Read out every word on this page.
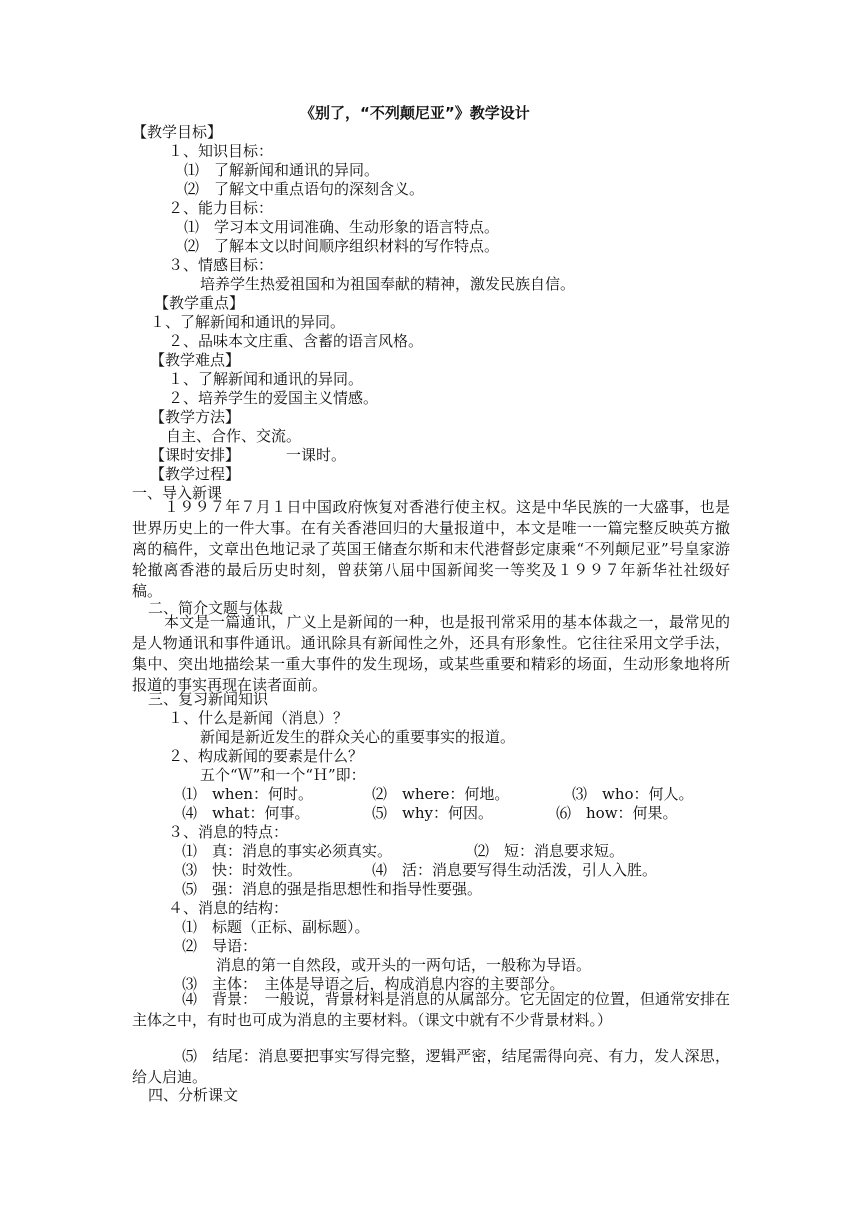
《别了，“不列颠尼亚”》教学设计
【教学目标】
１、知识目标：
⑴　了解新闻和通讯的异同。
⑵　了解文中重点语句的深刻含义。
２、能力目标：
⑴　学习本文用词准确、生动形象的语言特点。
⑵　了解本文以时间顺序组织材料的写作特点。
３、情感目标：
培养学生热爱祖国和为祖国奉献的精神，激发民族自信。
【教学重点】
１、了解新闻和通讯的异同。
２、品味本文庄重、含蓄的语言风格。
【教学难点】
１、了解新闻和通讯的异同。
２、培养学生的爱国主义情感。
【教学方法】
自主、合作、交流。
【课时安排】	一课时。
【教学过程】
一、导入新课
１９９７年７月１日中国政府恢复对香港行使主权。这是中华民族的一大盛事，也是世界历史上的一件大事。在有关香港回归的大量报道中，本文是唯一一篇完整反映英方撤离的稿件，文章出色地记录了英国王储查尔斯和末代港督彭定康乘“不列颠尼亚”号皇家游轮撤离香港的最后历史时刻，曾获第八届中国新闻奖一等奖及１９９７年新华社社级好稿。
二、简介文题与体裁
本文是一篇通讯，广义上是新闻的一种，也是报刊常采用的基本体裁之一，最常见的是人物通讯和事件通讯。通讯除具有新闻性之外，还具有形象性。它往往采用文学手法，集中、突出地描绘某一重大事件的发生现场，或某些重要和精彩的场面，生动形象地将所报道的事实再现在读者面前。
三、复习新闻知识
１、什么是新闻（消息）？
新闻是新近发生的群众关心的重要事实的报道。
２、构成新闻的要素是什么？
五个“Ｗ”和一个“Ｈ”即：
⑴　when：何时。	⑵　where：何地。	⑶　who：何人。
⑷　what：何事。	⑸　why：何因。	⑹　how：何果。
３、消息的特点：
⑴　真：消息的事实必须真实。	⑵　短：消息要求短。
⑶　快：时效性。	⑷　活：消息要写得生动活泼，引人入胜。
⑸　强：消息的强是指思想性和指导性要强。
４、消息的结构：
⑴　标题（正标、副标题）。
⑵　导语：
消息的第一自然段，或开头的一两句话，一般称为导语。
⑶　主体：　主体是导语之后，构成消息内容的主要部分。
⑷　背景：　一般说，背景材料是消息的从属部分。它无固定的位置，但通常安排在主体之中，有时也可成为消息的主要材料。（课文中就有不少背景材料。）
⑸　结尾：消息要把事实写得完整，逻辑严密，结尾需得向亮、有力，发人深思，给人启迪。
四、分析课文
